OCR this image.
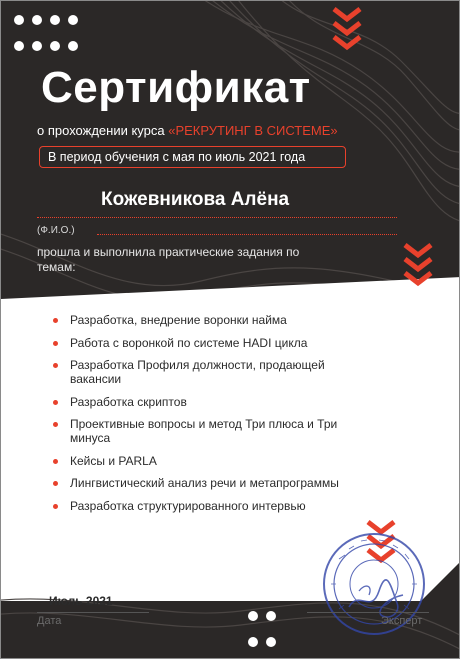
Сертификат
о прохождении курса «РЕКРУТИНГ В СИСТЕМЕ»
В период обучения с мая по июль 2021 года
Кожевникова Алёна
(Ф.И.О.)
прошла и выполнила практические задания по темам:
Разработка, внедрение воронки найма
Работа с воронкой по системе HADI цикла
Разработка Профиля должности, продающей вакансии
Разработка скриптов
Проективные вопросы и метод Три плюса и Три минуса
Кейсы и PARLA
Лингвистический анализ речи и метапрограммы
Разработка структурированного интервью
Июль 2021
Дата	Эксперт
